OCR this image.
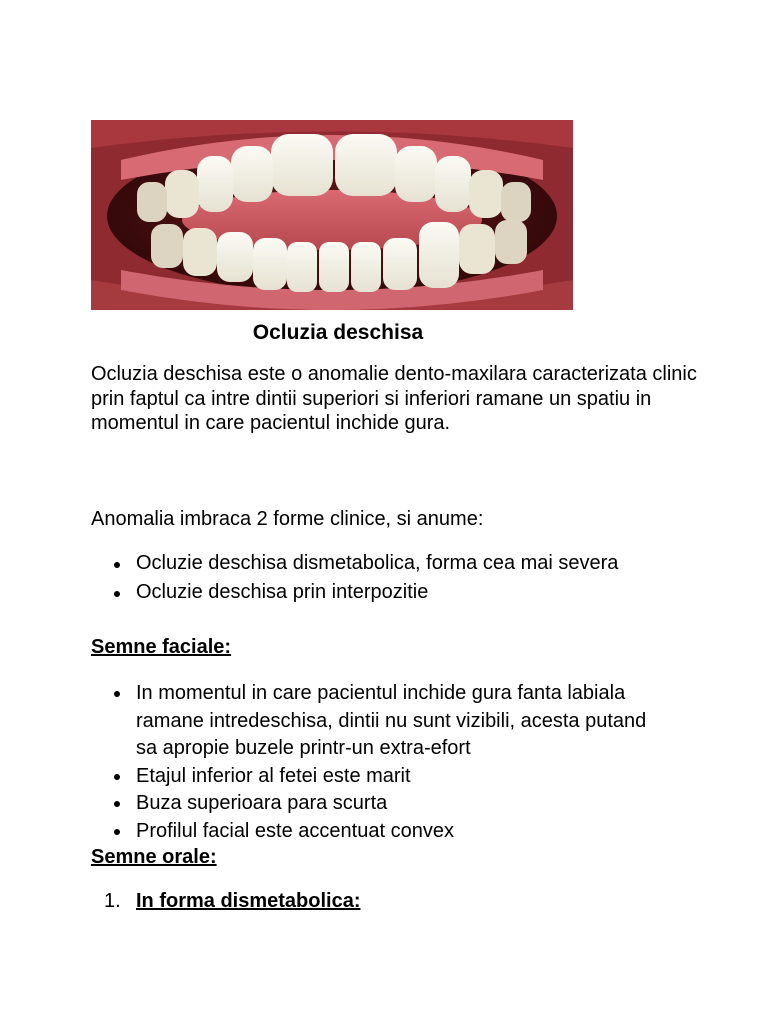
Ocluzia deschisa

Ocluzia deschisa este o anomalie dento-maxilara caracterizata clinic prin faptul ca intre dintii superiori si inferiori ramane un spatiu in momentul in care pacientul inchide gura.

Anomalia imbraca 2 forme clinice, si anume:

Ocluzie deschisa dismetabolica, forma cea mai severa
Ocluzie deschisa prin interpozitie
Semne faciale:
In momentul in care pacientul inchide gura fanta labiala ramane intredeschisa, dintii nu sunt vizibili, acesta putand sa apropie buzele printr-un extra-efort
Etajul inferior al fetei este marit
Buza superioara para scurta
Profilul facial este accentuat convex
Semne orale:
1. In forma dismetabolica:
